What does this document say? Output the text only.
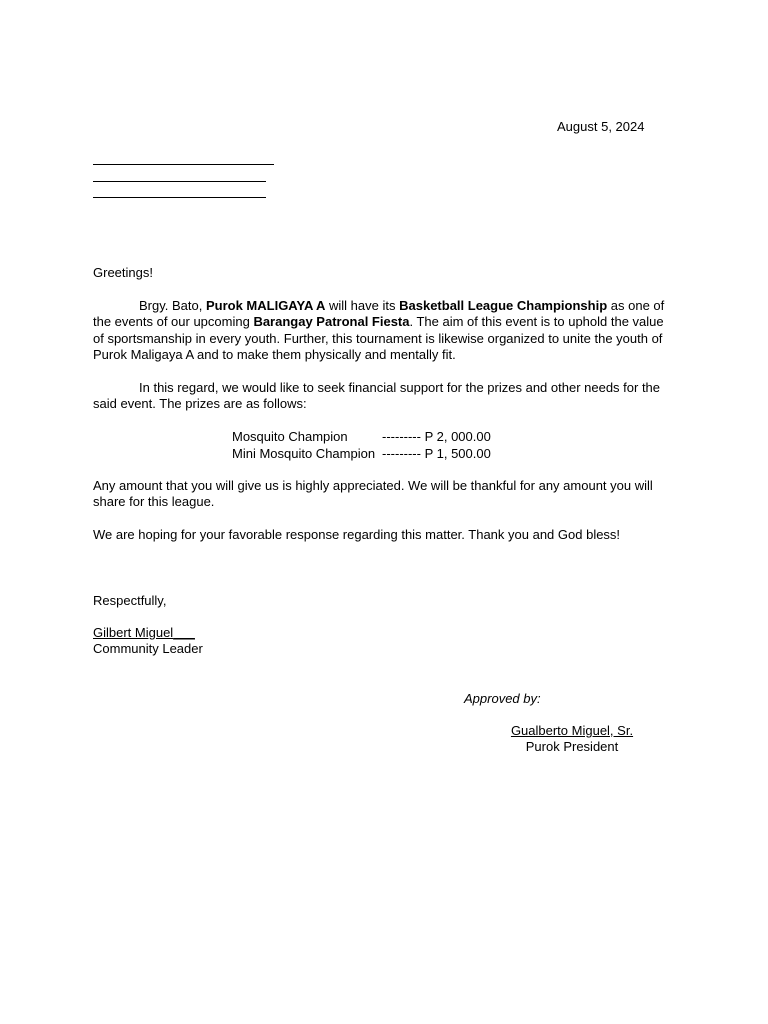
August 5, 2024
Greetings!
Brgy. Bato, Purok MALIGAYA A will have its Basketball League Championship as one of the events of our upcoming Barangay Patronal Fiesta. The aim of this event is to uphold the value of sportsmanship in every youth. Further, this tournament is likewise organized to unite the youth of Purok Maligaya A and to make them physically and mentally fit.
In this regard, we would like to seek financial support for the prizes and other needs for the said event. The prizes are as follows:
Mosquito Champion	--------- P 2, 000.00
Mini Mosquito Champion --------- P 1, 500.00
Any amount that you will give us is highly appreciated. We will be thankful for any amount you will share for this league.
We are hoping for your favorable response regarding this matter. Thank you and God bless!
Respectfully,
Gilbert Miguel___
Community Leader
Approved by:
Gualberto Miguel, Sr.
Purok President
